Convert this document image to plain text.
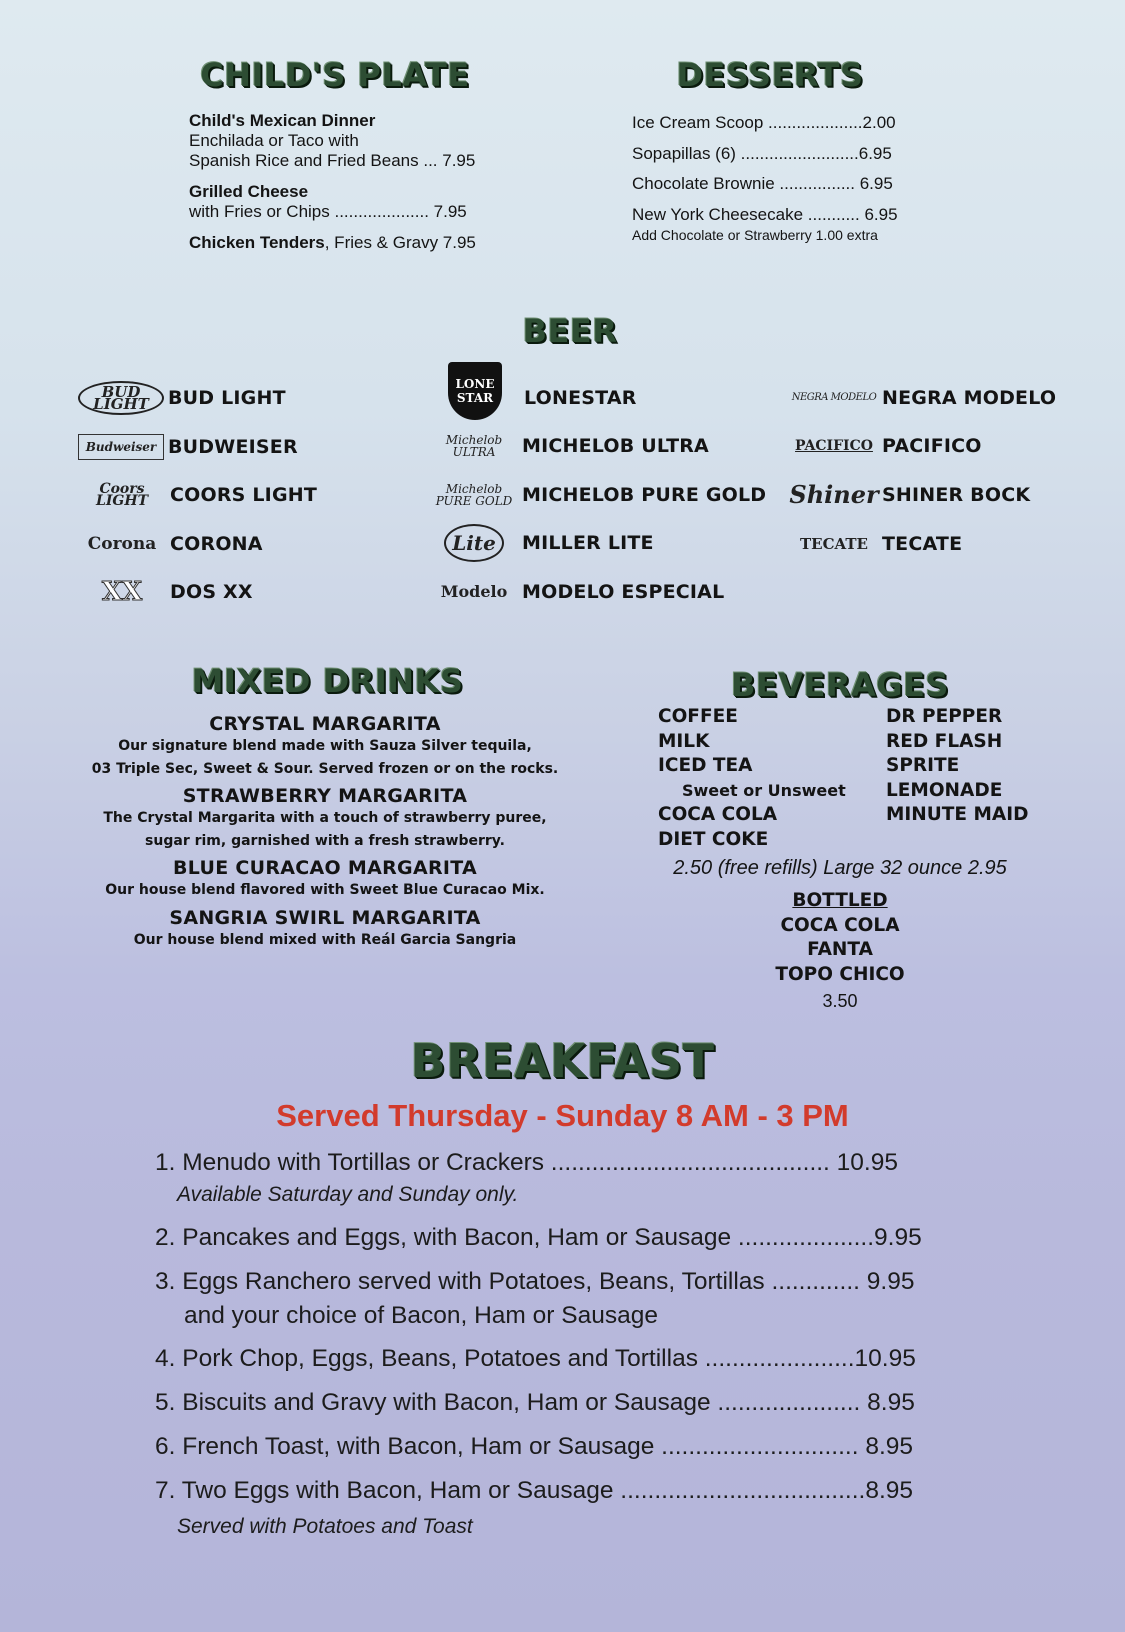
CHILD'S PLATE
Child's Mexican Dinner
Enchilada or Taco with
Spanish Rice and Fried Beans ... 7.95
Grilled Cheese
with Fries or Chips .................... 7.95
Chicken Tenders, Fries & Gravy 7.95
DESSERTS
Ice Cream Scoop ....................2.00
Sopapillas (6) .........................6.95
Chocolate Brownie ................ 6.95
New York Cheesecake ........... 6.95
Add Chocolate or Strawberry 1.00 extra
BEER
BUD LIGHT	BUD LIGHT
Budweiser BUDWEISER
Coors LIGHT	COORS LIGHT
Corona CORONA
XX	DOS XX
LONE STAR	LONESTAR
Michelob ULTRA	MICHELOB ULTRA
Michelob PURE GOLD MICHELOB PURE GOLD
Lite	MILLER LITE
Modelo MODELO ESPECIAL
NEGRA MODELO NEGRA MODELO
PACIFICO PACIFICO
Shiner SHINER BOCK
TECATE TECATE
MIXED DRINKS
CRYSTAL MARGARITA
Our signature blend made with Sauza Silver tequila,
03 Triple Sec, Sweet & Sour. Served frozen or on the rocks.
STRAWBERRY MARGARITA
The Crystal Margarita with a touch of strawberry puree,
sugar rim, garnished with a fresh strawberry.
BLUE CURACAO MARGARITA
Our house blend flavored with Sweet Blue Curacao Mix.
SANGRIA SWIRL MARGARITA
Our house blend mixed with Reál Garcia Sangria
BEVERAGES
COFFEE
MILK
ICED TEA
Sweet or Unsweet
COCA COLA
DIET COKE
DR PEPPER
RED FLASH
SPRITE
LEMONADE
MINUTE MAID
2.50 (free refills) Large 32 ounce 2.95
BOTTLED
COCA COLA
FANTA
TOPO CHICO
3.50
BREAKFAST
Served Thursday - Sunday 8 AM - 3 PM
1. Menudo with Tortillas or Crackers ......................................... 10.95
Available Saturday and Sunday only.
2. Pancakes and Eggs, with Bacon, Ham or Sausage ....................9.95
3. Eggs Ranchero served with Potatoes, Beans, Tortillas ............. 9.95
and your choice of Bacon, Ham or Sausage
4. Pork Chop, Eggs, Beans, Potatoes and Tortillas ......................10.95
5. Biscuits and Gravy with Bacon, Ham or Sausage ..................... 8.95
6. French Toast, with Bacon, Ham or Sausage ............................. 8.95
7. Two Eggs with Bacon, Ham or Sausage ....................................8.95
Served with Potatoes and Toast
